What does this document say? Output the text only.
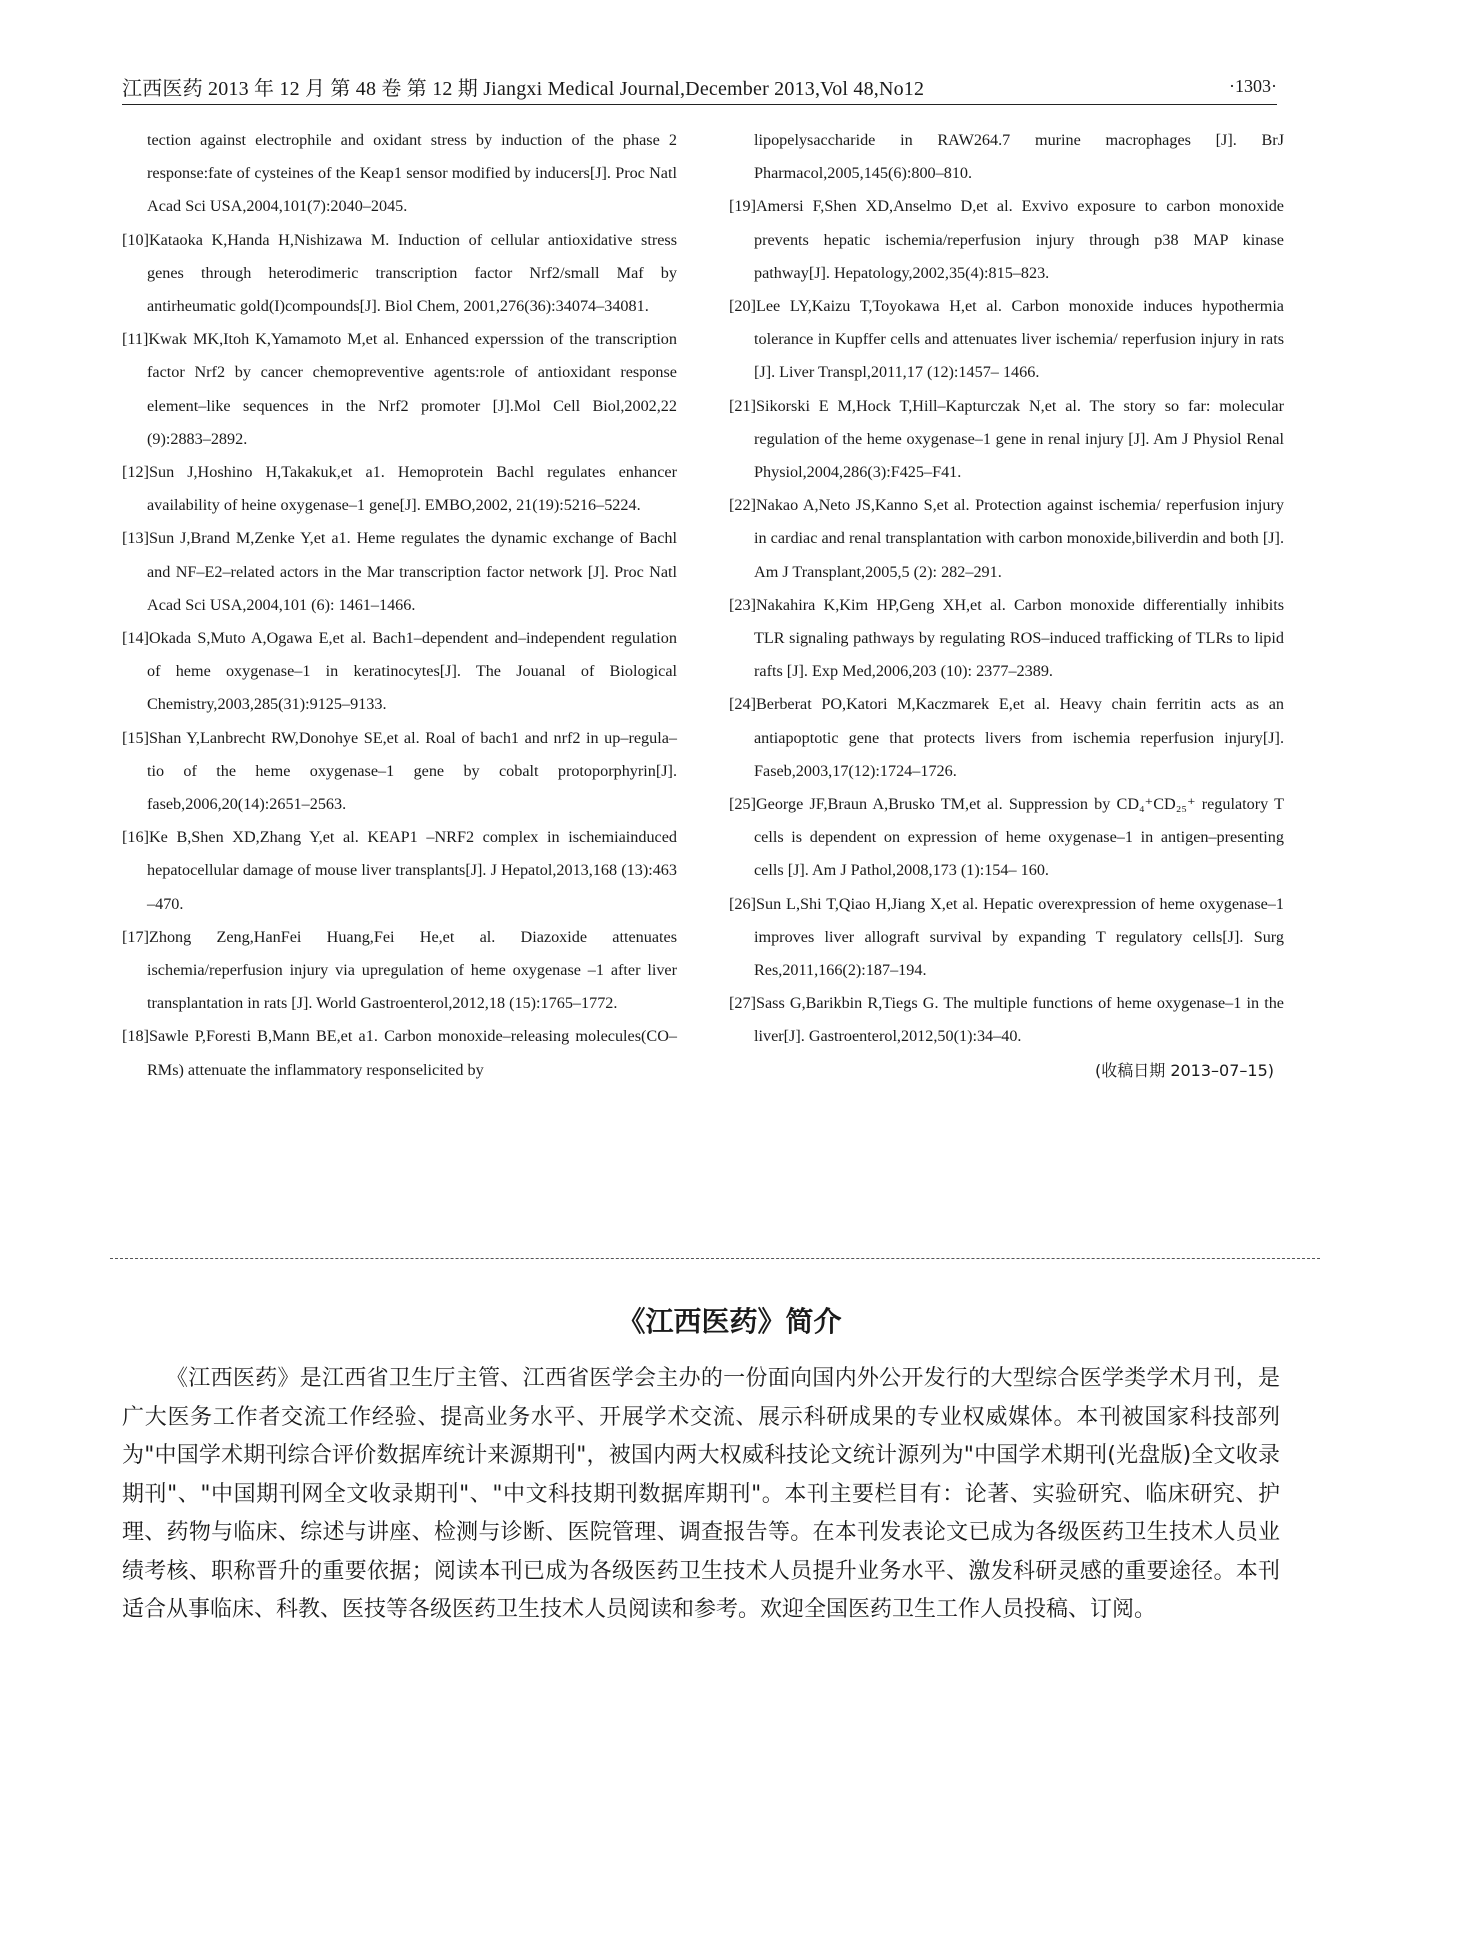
江西医药 2013 年 12 月 第 48 卷 第 12 期 Jiangxi Medical Journal,December 2013,Vol 48,No12	·1303·
tection against electrophile and oxidant stress by induction of the phase 2 response:fate of cysteines of the Keap1 sensor modified by inducers[J]. Proc Natl Acad Sci USA,2004,101(7):2040–2045.
[10]Kataoka K,Handa H,Nishizawa M. Induction of cellular antioxidative stress genes through heterodimeric transcription factor Nrf2/small Maf by antirheumatic gold(I)compounds[J]. Biol Chem, 2001,276(36):34074–34081.
[11]Kwak MK,Itoh K,Yamamoto M,et al. Enhanced experssion of the transcription factor Nrf2 by cancer chemopreventive agents:role of antioxidant response element–like sequences in the Nrf2 promoter [J].Mol Cell Biol,2002,22 (9):2883–2892.
[12]Sun J,Hoshino H,Takakuk,et a1. Hemoprotein Bachl regulates enhancer availability of heine oxygenase–1 gene[J]. EMBO,2002, 21(19):5216–5224.
[13]Sun J,Brand M,Zenke Y,et a1. Heme regulates the dynamic exchange of Bachl and NF–E2–related actors in the Mar transcription factor network [J]. Proc Natl Acad Sci USA,2004,101 (6): 1461–1466.
[14]Okada S,Muto A,Ogawa E,et al. Bach1–dependent and–independent regulation of heme oxygenase–1 in keratinocytes[J]. The Jouanal of Biological Chemistry,2003,285(31):9125–9133.
[15]Shan Y,Lanbrecht RW,Donohye SE,et al. Roal of bach1 and nrf2 in up–regula–tio of the heme oxygenase–1 gene by cobalt protoporphyrin[J]. faseb,2006,20(14):2651–2563.
[16]Ke B,Shen XD,Zhang Y,et al. KEAP1 –NRF2 complex in ischemiainduced hepatocellular damage of mouse liver transplants[J]. J Hepatol,2013,168 (13):463 –470.
[17]Zhong Zeng,HanFei Huang,Fei He,et al. Diazoxide attenuates ischemia/reperfusion injury via upregulation of heme oxygenase –1 after liver transplantation in rats [J]. World Gastroenterol,2012,18 (15):1765–1772.
[18]Sawle P,Foresti B,Mann BE,et a1. Carbon monoxide–releasing molecules(CO–RMs) attenuate the inflammatory responselicited by
lipopelysaccharide in RAW264.7 murine macrophages [J]. BrJ Pharmacol,2005,145(6):800–810.
[19]Amersi F,Shen XD,Anselmo D,et al. Exvivo exposure to carbon monoxide prevents hepatic ischemia/reperfusion injury through p38 MAP kinase pathway[J]. Hepatology,2002,35(4):815–823.
[20]Lee LY,Kaizu T,Toyokawa H,et al. Carbon monoxide induces hypothermia tolerance in Kupffer cells and attenuates liver ischemia/ reperfusion injury in rats [J]. Liver Transpl,2011,17 (12):1457– 1466.
[21]Sikorski E M,Hock T,Hill–Kapturczak N,et al. The story so far: molecular regulation of the heme oxygenase–1 gene in renal injury [J]. Am J Physiol Renal Physiol,2004,286(3):F425–F41.
[22]Nakao A,Neto JS,Kanno S,et al. Protection against ischemia/ reperfusion injury in cardiac and renal transplantation with carbon monoxide,biliverdin and both [J]. Am J Transplant,2005,5 (2): 282–291.
[23]Nakahira K,Kim HP,Geng XH,et al. Carbon monoxide differentially inhibits TLR signaling pathways by regulating ROS–induced trafficking of TLRs to lipid rafts [J]. Exp Med,2006,203 (10): 2377–2389.
[24]Berberat PO,Katori M,Kaczmarek E,et al. Heavy chain ferritin acts as an antiapoptotic gene that protects livers from ischemia reperfusion injury[J]. Faseb,2003,17(12):1724–1726.
[25]George JF,Braun A,Brusko TM,et al. Suppression by CD₄⁺CD₂₅⁺ regulatory T cells is dependent on expression of heme oxygenase–1 in antigen–presenting cells [J]. Am J Pathol,2008,173 (1):154– 160.
[26]Sun L,Shi T,Qiao H,Jiang X,et al. Hepatic overexpression of heme oxygenase–1 improves liver allograft survival by expanding T regulatory cells[J]. Surg Res,2011,166(2):187–194.
[27]Sass G,Barikbin R,Tiegs G. The multiple functions of heme oxygenase–1 in the liver[J]. Gastroenterol,2012,50(1):34–40.
(收稿日期 2013–07–15)
《江西医药》简介
《江西医药》是江西省卫生厅主管、江西省医学会主办的一份面向国内外公开发行的大型综合医学类学术月刊，是广大医务工作者交流工作经验、提高业务水平、开展学术交流、展示科研成果的专业权威媒体。本刊被国家科技部列为"中国学术期刊综合评价数据库统计来源期刊"，被国内两大权威科技论文统计源列为"中国学术期刊(光盘版)全文收录期刊"、"中国期刊网全文收录期刊"、"中文科技期刊数据库期刊"。本刊主要栏目有：论著、实验研究、临床研究、护理、药物与临床、综述与讲座、检测与诊断、医院管理、调查报告等。在本刊发表论文已成为各级医药卫生技术人员业绩考核、职称晋升的重要依据；阅读本刊已成为各级医药卫生技术人员提升业务水平、激发科研灵感的重要途径。本刊适合从事临床、科教、医技等各级医药卫生技术人员阅读和参考。欢迎全国医药卫生工作人员投稿、订阅。
